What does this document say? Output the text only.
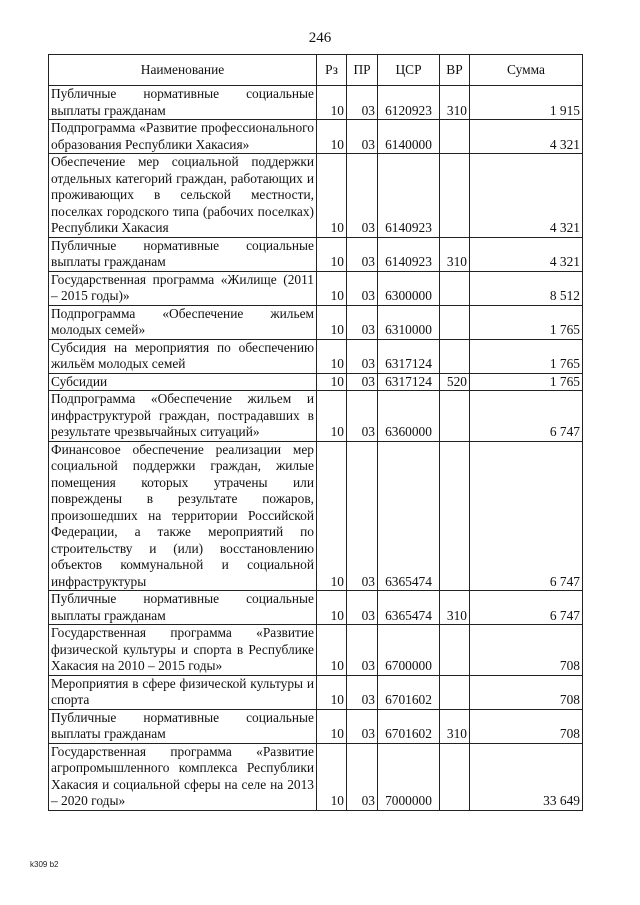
246
Наименование	Рз	ПР	ЦСР	ВР	Сумма
Публичные нормативные социальные выплаты гражданам	10	03	6120923	310	1 915
Подпрограмма «Развитие профессионального образования Республики Хакасия»	10	03	6140000		4 321
Обеспечение мер социальной поддержки отдельных категорий граждан, работающих и проживающих в сельской местности, поселках городского типа (рабочих поселках) Республики Хакасия	10	03	6140923		4 321
Публичные нормативные социальные выплаты гражданам	10	03	6140923	310	4 321
Государственная программа «Жилище (2011 – 2015 годы)»	10	03	6300000		8 512
Подпрограмма «Обеспечение жильем молодых семей»	10	03	6310000		1 765
Субсидия на мероприятия по обеспечению жильём молодых семей	10	03	6317124		1 765
Субсидии	10	03	6317124	520	1 765
Подпрограмма «Обеспечение жильем и инфраструктурой граждан, пострадавших в результате чрезвычайных ситуаций»	10	03	6360000		6 747
Финансовое обеспечение реализации мер социальной поддержки граждан, жилые помещения которых утрачены или повреждены в результате пожаров, произошедших на территории Российской Федерации, а также мероприятий по строительству и (или) восстановлению объектов коммунальной и социальной инфраструктуры	10	03	6365474		6 747
Публичные нормативные социальные выплаты гражданам	10	03	6365474	310	6 747
Государственная программа «Развитие физической культуры и спорта в Республике Хакасия на 2010 – 2015 годы»	10	03	6700000		708
Мероприятия в сфере физической культуры и спорта	10	03	6701602		708
Публичные нормативные социальные выплаты гражданам	10	03	6701602	310	708
Государственная программа «Развитие агропромышленного комплекса Республики Хакасия и социальной сферы на селе на 2013 – 2020 годы»	10	03	7000000		33 649
k309 b2
